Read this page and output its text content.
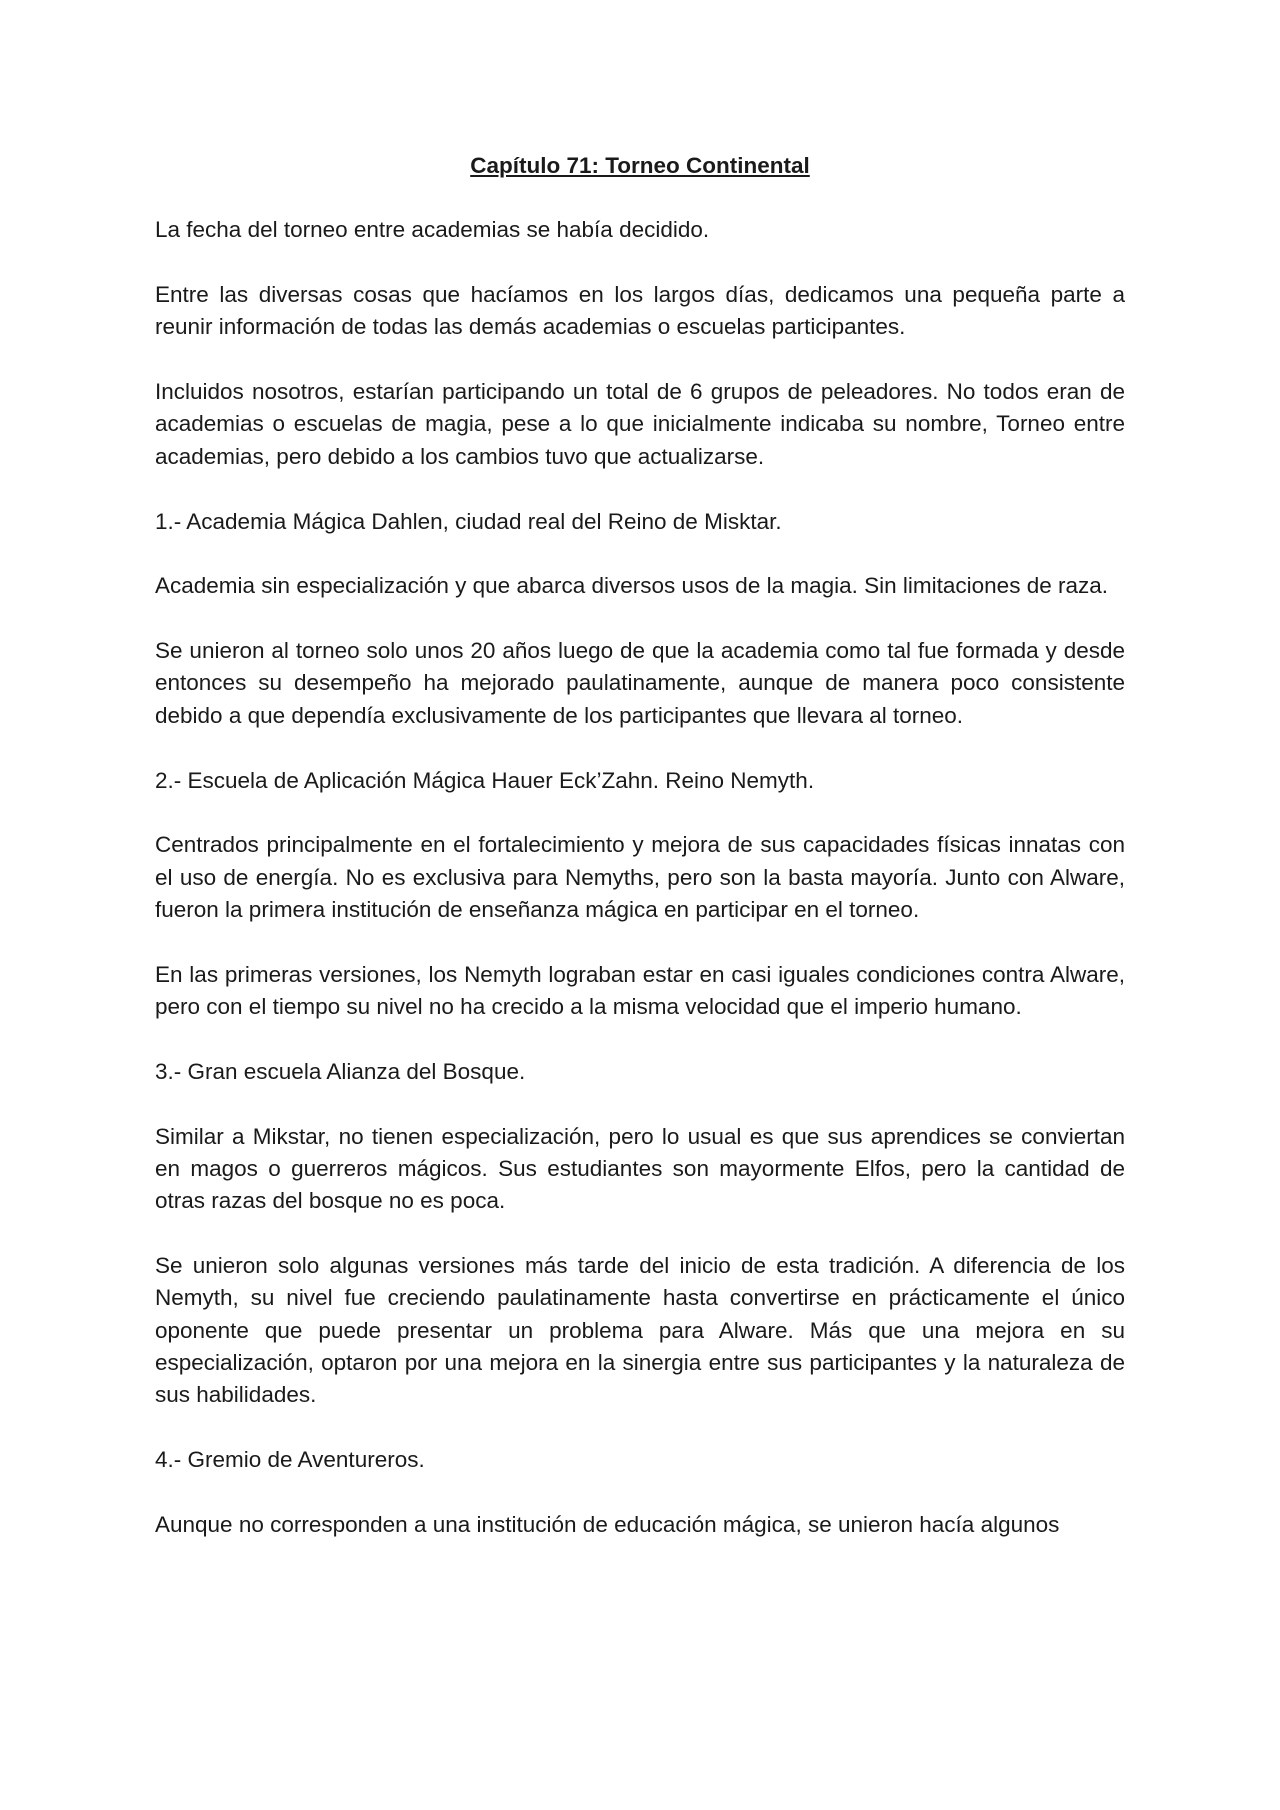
Capítulo 71: Torneo Continental

La fecha del torneo entre academias se había decidido.

Entre las diversas cosas que hacíamos en los largos días, dedicamos una pequeña parte a reunir información de todas las demás academias o escuelas participantes.

Incluidos nosotros, estarían participando un total de 6 grupos de peleadores. No todos eran de academias o escuelas de magia, pese a lo que inicialmente indicaba su nombre, Torneo entre academias, pero debido a los cambios tuvo que actualizarse.

1.- Academia Mágica Dahlen, ciudad real del Reino de Misktar.

Academia sin especialización y que abarca diversos usos de la magia. Sin limitaciones de raza.

Se unieron al torneo solo unos 20 años luego de que la academia como tal fue formada y desde entonces su desempeño ha mejorado paulatinamente, aunque de manera poco consistente debido a que dependía exclusivamente de los participantes que llevara al torneo.

2.- Escuela de Aplicación Mágica Hauer Eck’Zahn. Reino Nemyth.

Centrados principalmente en el fortalecimiento y mejora de sus capacidades físicas innatas con el uso de energía. No es exclusiva para Nemyths, pero son la basta mayoría. Junto con Alware, fueron la primera institución de enseñanza mágica en participar en el torneo.

En las primeras versiones, los Nemyth lograban estar en casi iguales condiciones contra Alware, pero con el tiempo su nivel no ha crecido a la misma velocidad que el imperio humano.

3.- Gran escuela Alianza del Bosque.

Similar a Mikstar, no tienen especialización, pero lo usual es que sus aprendices se conviertan en magos o guerreros mágicos. Sus estudiantes son mayormente Elfos, pero la cantidad de otras razas del bosque no es poca.

Se unieron solo algunas versiones más tarde del inicio de esta tradición. A diferencia de los Nemyth, su nivel fue creciendo paulatinamente hasta convertirse en prácticamente el único oponente que puede presentar un problema para Alware. Más que una mejora en su especialización, optaron por una mejora en la sinergia entre sus participantes y la naturaleza de sus habilidades.

4.- Gremio de Aventureros.

Aunque no corresponden a una institución de educación mágica, se unieron hacía algunos
